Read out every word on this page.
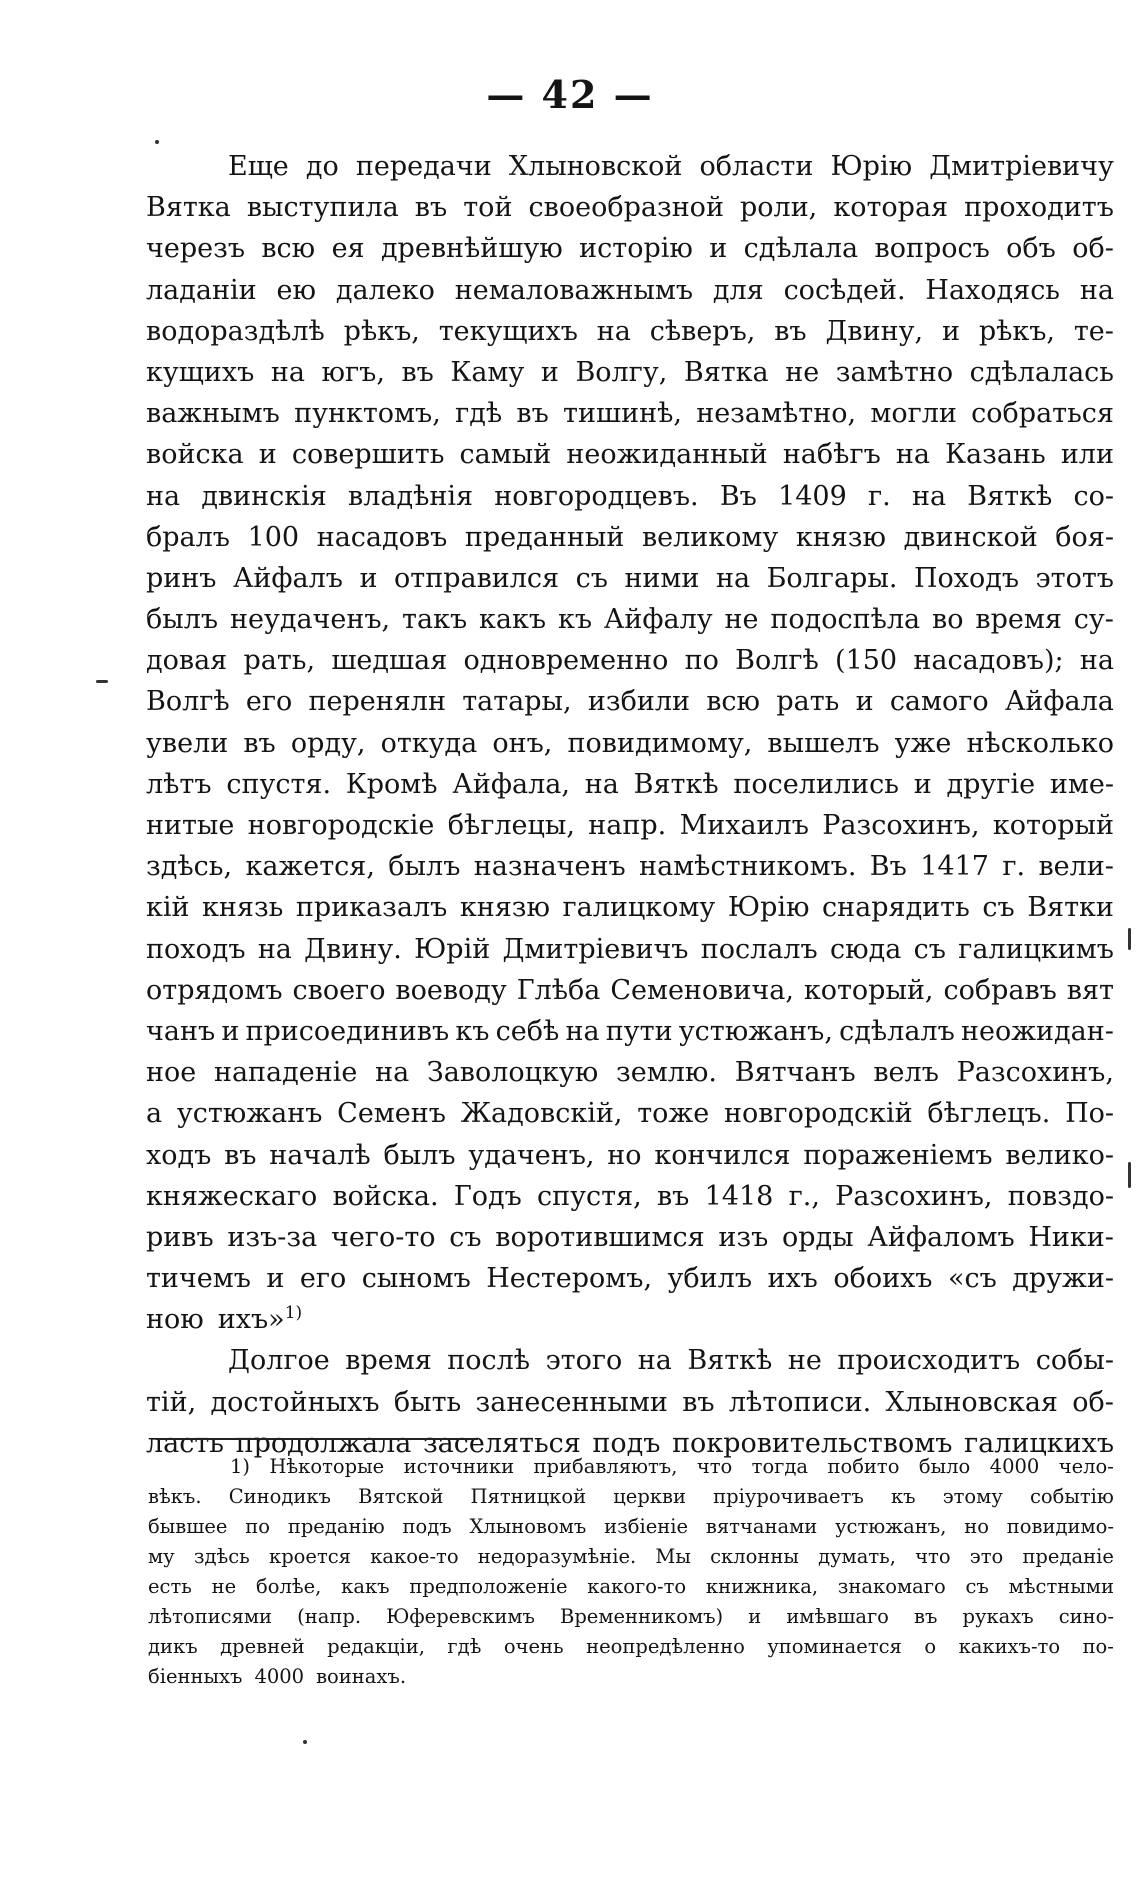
— 42 —
Еще до передачи Хлыновской области Юрію Дмитріевичу
Вятка выступила въ той своеобразной роли, которая проходитъ
черезъ всю ея древнѣйшую исторію и сдѣлала вопросъ объ об-
ладаніи ею далеко немаловажнымъ для сосѣдей. Находясь на
водораздѣлѣ рѣкъ, текущихъ на сѣверъ, въ Двину, и рѣкъ, те-
кущихъ на югъ, въ Каму и Волгу, Вятка не замѣтно сдѣлалась
важнымъ пунктомъ, гдѣ въ тишинѣ, незамѣтно, могли собраться
войска и совершить самый неожиданный набѣгъ на Казань или
на двинскія владѣнія новгородцевъ. Въ 1409 г. на Вяткѣ со-
бралъ 100 насадовъ преданный великому князю двинской боя-
ринъ Айфалъ и отправился съ ними на Болгары. Походъ этотъ
былъ неудаченъ, такъ какъ къ Айфалу не подоспѣла во время су-
довая рать, шедшая одновременно по Волгѣ (150 насадовъ); на
Волгѣ его перенялн татары, избили всю рать и самого Айфала
увели въ орду, откуда онъ, повидимому, вышелъ уже нѣсколько
лѣтъ спустя. Кромѣ Айфала, на Вяткѣ поселились и другіе име-
нитые новгородскіе бѣглецы, напр. Михаилъ Разсохинъ, который
здѣсь, кажется, былъ назначенъ намѣстникомъ. Въ 1417 г. вели-
кій князь приказалъ князю галицкому Юрію снарядить съ Вятки
походъ на Двину. Юрій Дмитріевичъ послалъ сюда съ галицкимъ
отрядомъ своего воеводу Глѣба Семеновича, который, собравъ вят
чанъ и присоединивъ къ себѣ на пути устюжанъ, сдѣлалъ неожидан-
ное нападеніе на Заволоцкую землю. Вятчанъ велъ Разсохинъ,
а устюжанъ Семенъ Жадовскій, тоже новгородскій бѣглецъ. По-
ходъ въ началѣ былъ удаченъ, но кончился пораженіемъ велико-
княжескаго войска. Годъ спустя, въ 1418 г., Разсохинъ, повздо-
ривъ изъ-за чего-то съ воротившимся изъ орды Айфаломъ Ники-
тичемъ и его сыномъ Нестеромъ, убилъ ихъ обоихъ «съ дружи-
ною ихъ»$^{1)}$
Долгое время послѣ этого на Вяткѣ не происходитъ собы-
тій, достойныхъ быть занесенными въ лѣтописи. Хлыновская об-
ласть продолжала заселяться подъ покровительствомъ галицкихъ
1) Нѣкоторые источники прибавляютъ, что тогда побито было 4000 чело-
вѣкъ. Синодикъ Вятской Пятницкой церкви пріурочиваетъ къ этому событію
бывшее по преданію подъ Хлыновомъ избіеніе вятчанами устюжанъ, но повидимо-
му здѣсь кроется какое-то недоразумѣніе. Мы склонны думать, что это преданіе
есть не болѣе, какъ предположеніе какого-то книжника, знакомаго съ мѣстными
лѣтописями (напр. Юферевскимъ Временникомъ) и имѣвшаго въ рукахъ сино-
дикъ древней редакціи, гдѣ очень неопредѣленно упоминается о какихъ-то по-
біенныхъ 4000 воинахъ.
